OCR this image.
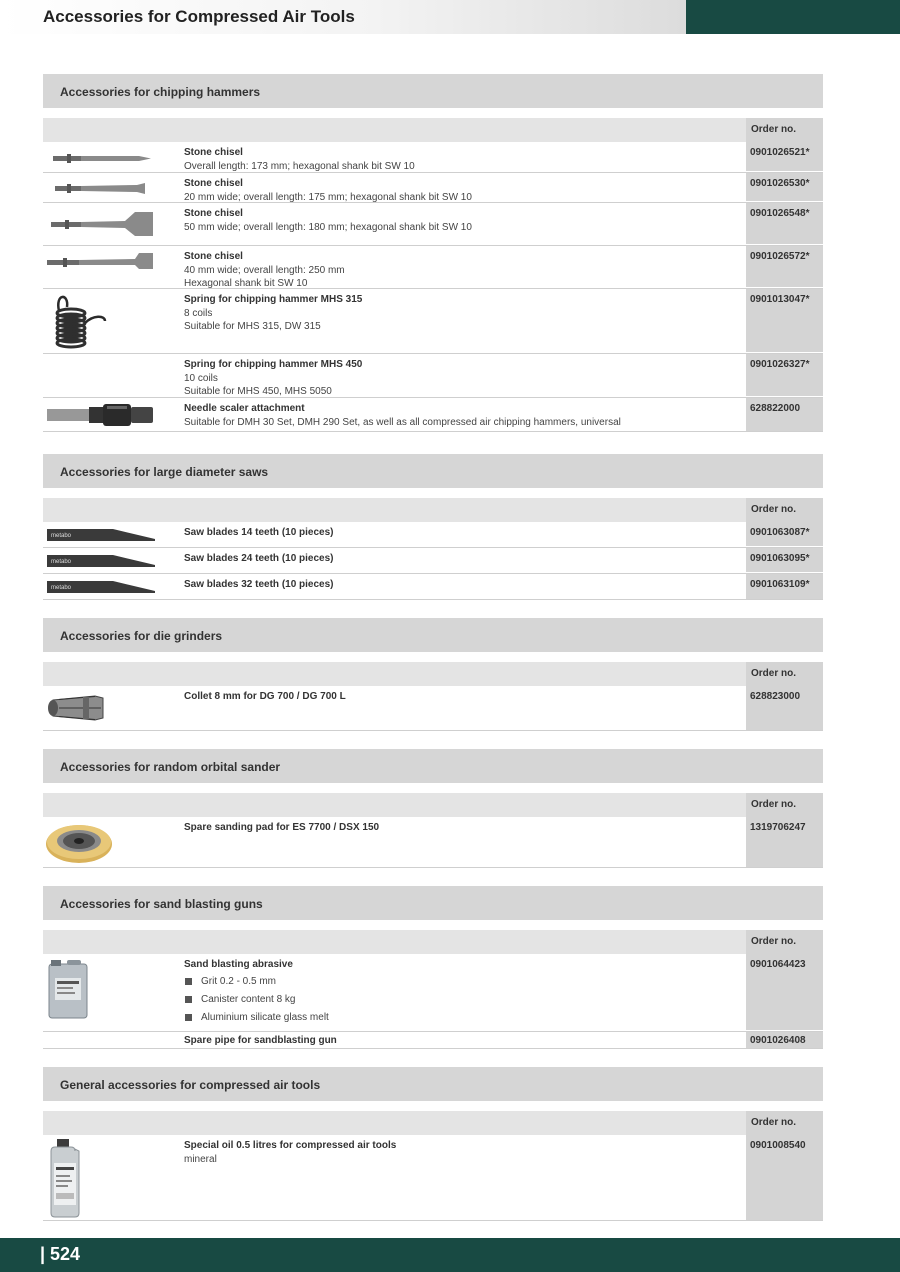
Accessories for Compressed Air Tools
Accessories for chipping hammers
Order no.
Stone chisel
Overall length: 173 mm; hexagonal shank bit SW 10
0901026521*
Stone chisel
20 mm wide; overall length: 175 mm; hexagonal shank bit SW 10
0901026530*
Stone chisel
50 mm wide; overall length: 180 mm; hexagonal shank bit SW 10
0901026548*
Stone chisel
40 mm wide; overall length: 250 mm
Hexagonal shank bit SW 10
0901026572*
Spring for chipping hammer MHS 315
8 coils
Suitable for MHS 315, DW 315
0901013047*
Spring for chipping hammer MHS 450
10 coils
Suitable for MHS 450, MHS 5050
0901026327*
Needle scaler attachment
Suitable for DMH 30 Set, DMH 290 Set, as well as all compressed air chipping hammers, universal
628822000
Accessories for large diameter saws
Order no.
metabo	Saw blades 14 teeth (10 pieces)	0901063087*
metabo	Saw blades 24 teeth (10 pieces)	0901063095*
metabo	Saw blades 32 teeth (10 pieces)	0901063109*
Accessories for die grinders
Order no.
Collet 8 mm for DG 700 / DG 700 L	628823000
Accessories for random orbital sander
Order no.
Spare sanding pad for ES 7700 / DSX 150	1319706247
Accessories for sand blasting guns
Order no.
Sand blasting abrasive
Grit 0.2 - 0.5 mm
Canister content 8 kg
Aluminium silicate glass melt
0901064423
Spare pipe for sandblasting gun	0901026408
General accessories for compressed air tools
Order no.
Special oil 0.5 litres for compressed air tools
mineral
0901008540
| 524
